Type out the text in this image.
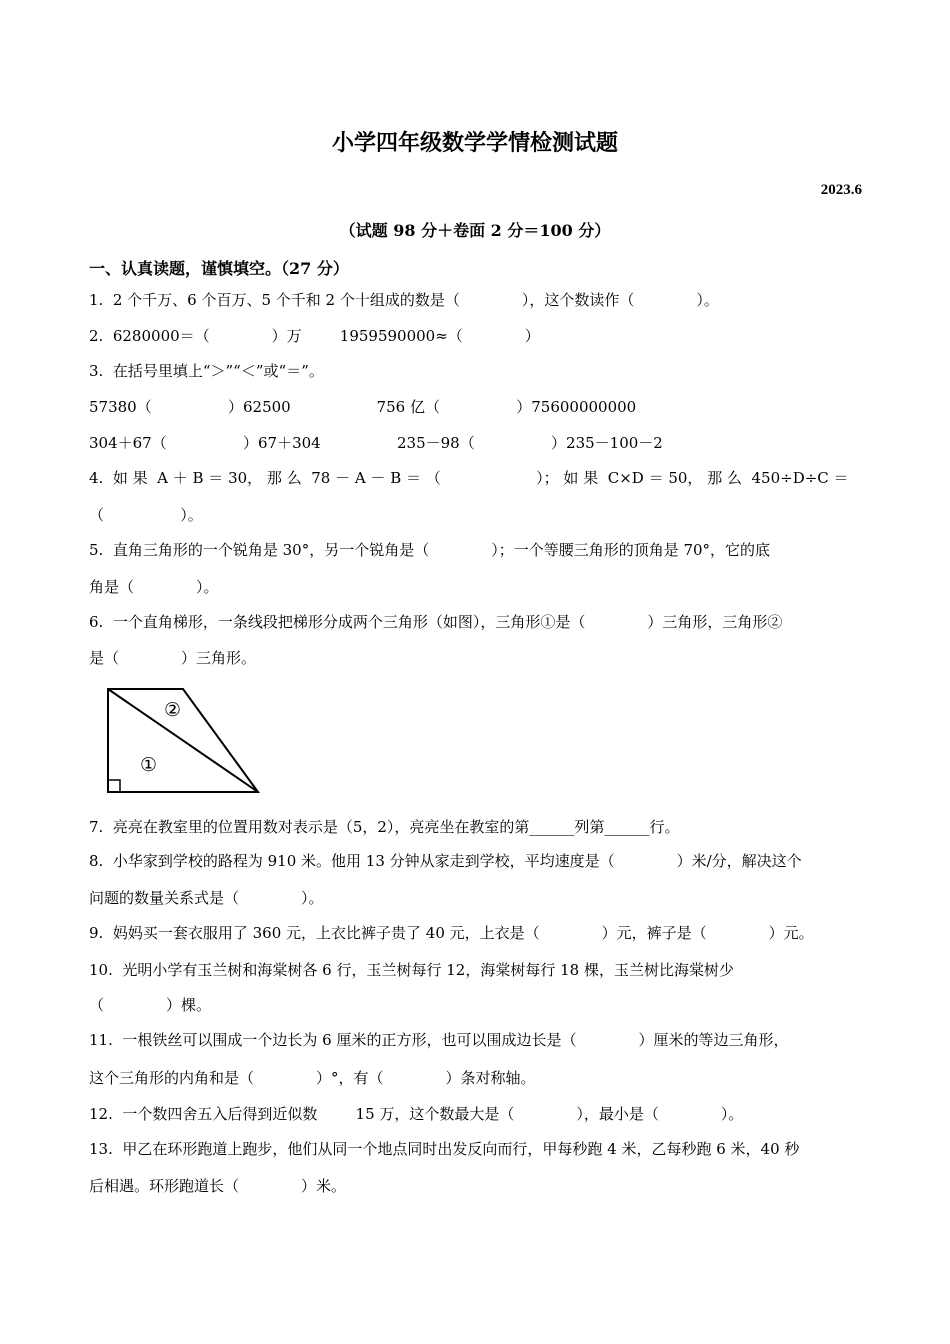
小学四年级数学学情检测试题
2023.6
（试题 98 分＋卷面 2 分＝100 分）
一、认真读题，谨慎填空。（27 分）
1.  2 个千万、6 个百万、5 个千和 2 个十组成的数是（             ），这个数读作（             ）。
2.  6280000＝（             ）万        1959590000≈（             ）
3.  在括号里填上“＞”“＜”或“＝”。
57380（                ）62500                  756 亿（                ）75600000000
304＋67（                ）67＋304                235－98（                ）235－100－2
4.  如 果  A ＋ B ＝ 30， 那 么  78 － A － B ＝ （                    ）； 如 果  C×D ＝ 50， 那 么  450÷D÷C ＝
（                ）。
5.  直角三角形的一个锐角是 30°，另一个锐角是（             ）；一个等腰三角形的顶角是 70°，它的底
角是（             ）。
6.  一个直角梯形，一条线段把梯形分成两个三角形（如图），三角形①是（             ）三角形，三角形②
是（             ）三角形。
②
①
7.  亮亮在教室里的位置用数对表示是（5，2），亮亮坐在教室的第______列第______行。
8.  小华家到学校的路程为 910 米。他用 13 分钟从家走到学校，平均速度是（             ）米/分，解决这个
问题的数量关系式是（             ）。
9.  妈妈买一套衣服用了 360 元，上衣比裤子贵了 40 元，上衣是（             ）元，裤子是（             ）元。
10.  光明小学有玉兰树和海棠树各 6 行，玉兰树每行 12，海棠树每行 18 棵，玉兰树比海棠树少
（             ）棵。
11.  一根铁丝可以围成一个边长为 6 厘米的正方形，也可以围成边长是（             ）厘米的等边三角形，
这个三角形的内角和是（             ）°，有（             ）条对称轴。
12.  一个数四舍五入后得到近似数        15 万，这个数最大是（             ），最小是（             ）。
13.  甲乙在环形跑道上跑步，他们从同一个地点同时出发反向而行，甲每秒跑 4 米，乙每秒跑 6 米，40 秒
后相遇。环形跑道长（             ）米。
